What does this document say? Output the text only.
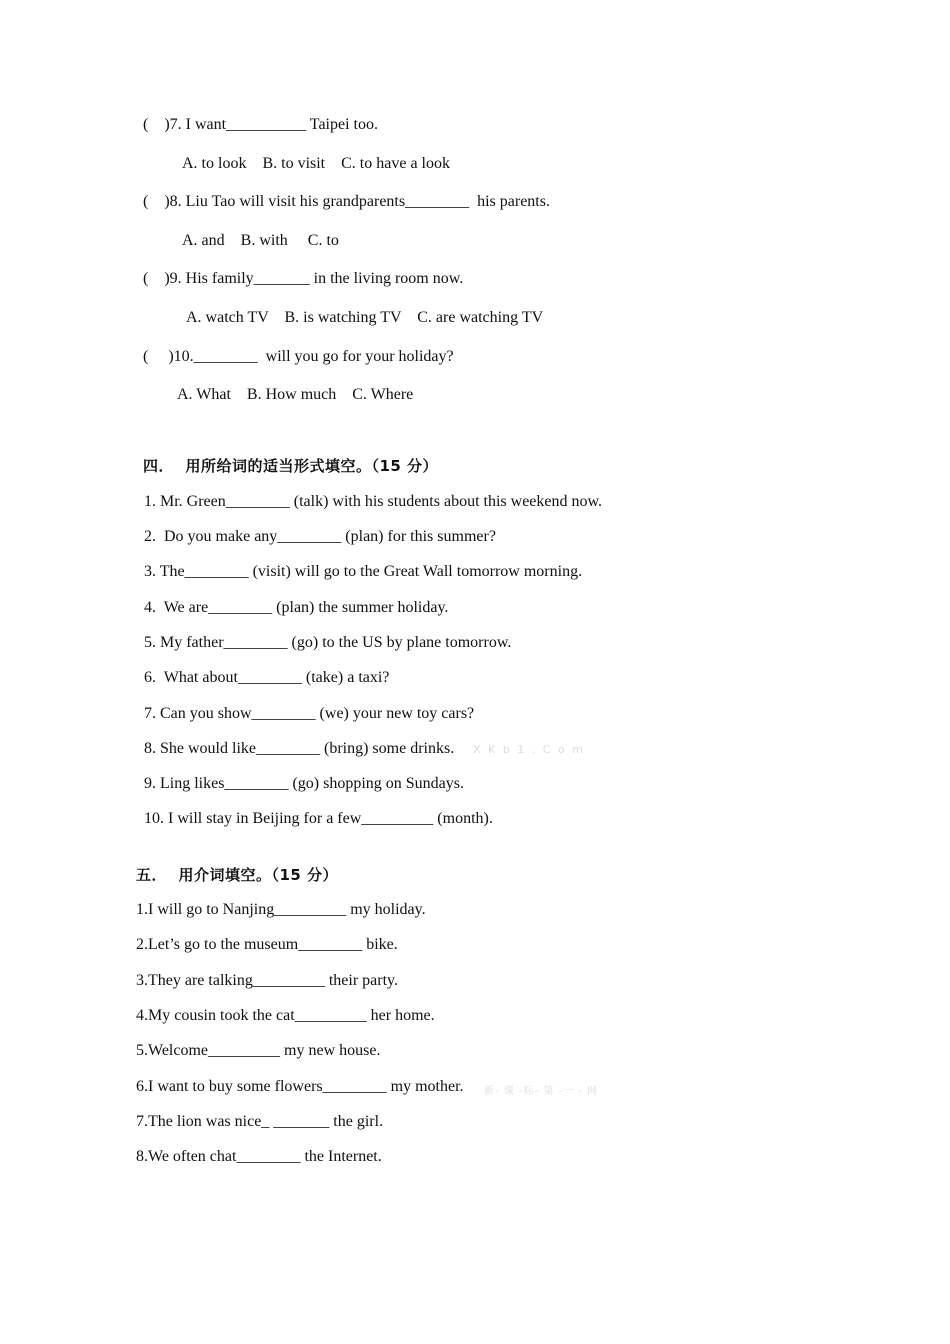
(    )7. I want__________ Taipei too.
A. to look    B. to visit    C. to have a look
(    )8. Liu Tao will visit his grandparents________  his parents.
A. and    B. with     C. to
(    )9. His family_______ in the living room now.
A. watch TV    B. is watching TV    C. are watching TV
(     )10.________  will you go for your holiday?
A. What    B. How much    C. Where
四．  用所给词的适当形式填空。（15 分）
1. Mr. Green________ (talk) with his students about this weekend now.
2.  Do you make any________ (plan) for this summer?
3. The________ (visit) will go to the Great Wall tomorrow morning.
4.  We are________ (plan) the summer holiday.
5. My father________ (go) to the US by plane tomorrow.
6.  What about________ (take) a taxi?
7. Can you show________ (we) your new toy cars?
8. She would like________ (bring) some drinks. X K b 1 . C o m
9. Ling likes________ (go) shopping on Sundays.
10. I will stay in Beijing for a few_________ (month).
五．  用介词填空。（15 分）
1.I will go to Nanjing_________ my holiday.
2.Let’s go to the museum________ bike.
3.They are talking_________ their party.
4.My cousin took the cat_________ her home.
5.Welcome_________ my new house.
6.I want to buy some flowers________ my mother. 新- 课 -标- 第 -一 - 网
7.The lion was nice_ _______ the girl.
8.We often chat________ the Internet.
